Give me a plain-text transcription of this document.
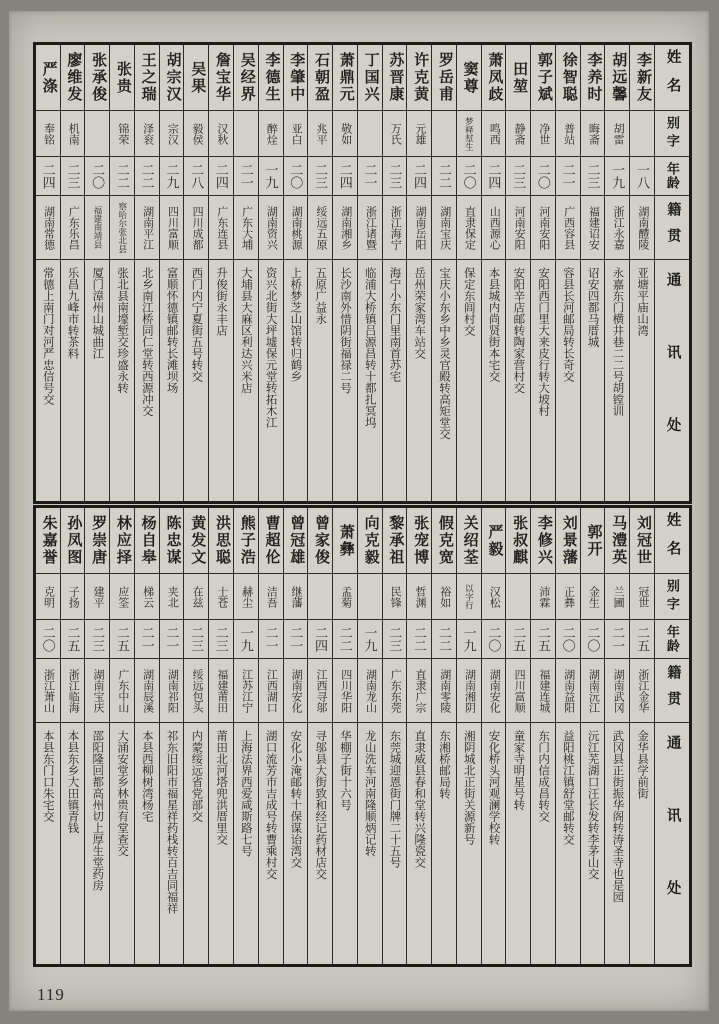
姓名
别字
年龄
籍贯
通讯处
李新友
一八
湖南醴陵
亚塘平庙山湾
胡远馨
胡雷
一九
浙江永嘉
永嘉东门横井巷二二号胡镗训
李养时
晦斋
二三
福建诏安
诏安四都马厝城
徐智聪
普站
二一
广西容县
容县长河邮局转长奇交
郭子斌
净世
二〇
河南安阳
安阳西门里大来皮行转大坡村
田堃
静斋
二三
河南安阳
安阳辛店邮转陶家营村交
萧凤歧
鸣西
二四
山西源心
本县城内尚贤街本宅交
窦尊
梦释堼生
二〇
直隶保定
保定东闾村交
罗岳甫
二二
湖南宝庆
宝庆小东乡中乡灵官殿转高矩堂交
许克黄
元雄
二四
湖南岳阳
岳州荣家湾车站交
苏晋康
万氏
二三
浙江海宁
海宁小东门里南首苏宅
丁国兴
二一
浙江诸暨
临浦大桥镇吕源昌转十都扎冥坞
萧鼎元
敬如
二四
湖南湘乡
长沙南外惜阴街福禄二号
石朝盈
兆平
二三
绥远五原
五原广益永
李肇中
亚白
二〇
湖南桃源
上桥梦芝山馆转归鹤乡
李德生
醉烇
一九
湖南资兴
资兴北街大坪墟保元堂转拓木江
吴经界
二一
广东大埔
大埔县大麻区利达兴米店
詹宝华
汉秋
二四
广东连县
升俊街永丰店
吴果
毅侯
二八
四川成都
西门内宁夏街五号转交
胡宗汉
宗汉
二九
四川富顺
富顺怀德镇邮转长滩坝场
王之瑞
泽衮
二二
湖南平江
北乡南江桥同仁堂转西源冲交
张贵
锦荣
二二
察哈尔张北县
张北县南壕堑交珍盛永转
张承俊
二〇
福建南靖县
厦门漳州山城曲江
廖维发
机南
二三
广东乐昌
乐昌九峰市转茶料
严涤
奉铭
二四
湖南常德
常德上南门对河严忠信号交
姓名
别字
年龄
籍贯
通讯处
刘冠世
冠世
二五
浙江金华
金华县学前街
马澧英
兰圃
二一
湖南武冈
武冈县正街振华阁转涛圣寺也是园
郭开
金生
二〇
湖南沅江
沅江芜湖口汪长发转李茅山交
刘景藩
正彝
二〇
湖南益阳
益阳桃江镇舒堂邮转交
李修兴
沛霖
二五
福建连城
东门内信成昌转交
张叔麒
二五
四川富顺
童家寺明星号转
严毅
汉松
二〇
湖南安化
安化桥头河观澜学校转
关绍荃
以字行
一九
湖南湘阴
湘阴城北正街关源新号
假克宽
裕如
二二
湖南零陵
东湘桥邮局转
张宠博
哲渊
二二
直隶广宗
直隶威县春和堂转兴隆瓷交
黎承祖
民锋
二三
广东东莞
东莞城迎恩街门牌二十五号
向克毅
一九
湖南龙山
龙山洗车河南隆顺炳记转
萧彝
孟菊
二二
四川华阳
华棚子街十六号
曾家俊
二四
江西寻邬
寻邬县大街致和经记药材店交
曾冠雄
继藩
二一
湖南安化
安化小淹邮转十保谋诒湾交
曹超伦
洁吾
二一
江西湖口
湖口流芳市吉成号转曹乘村交
熊子浩
赫尘
一九
江苏江宁
上海法界西爱咸斯路七号
洪思聪
士苍
二三
福建莆田
莆田北河塔兜洪厝里交
黄发文
在兹
二三
绥远包头
内蒙绥远省党部交
陈忠谋
夹北
二一
湖南祁阳
祁东旧阳市福星祥药栈转百吉同福祥
杨自皋
梯云
二一
湖南辰溪
本县西柳树湾杨宅
林应择
应筌
二五
广东中山
大涌安堂乡林贵有堂查交
罗崇唐
建平
二三
湖南宝庆
邵阳隆回都高州切上厚生堂药房
孙凤图
子扬
二五
浙江临海
本县东乡大田镇青钱
朱嘉誉
克明
二〇
浙江萧山
本县东门口朱宅交
119
